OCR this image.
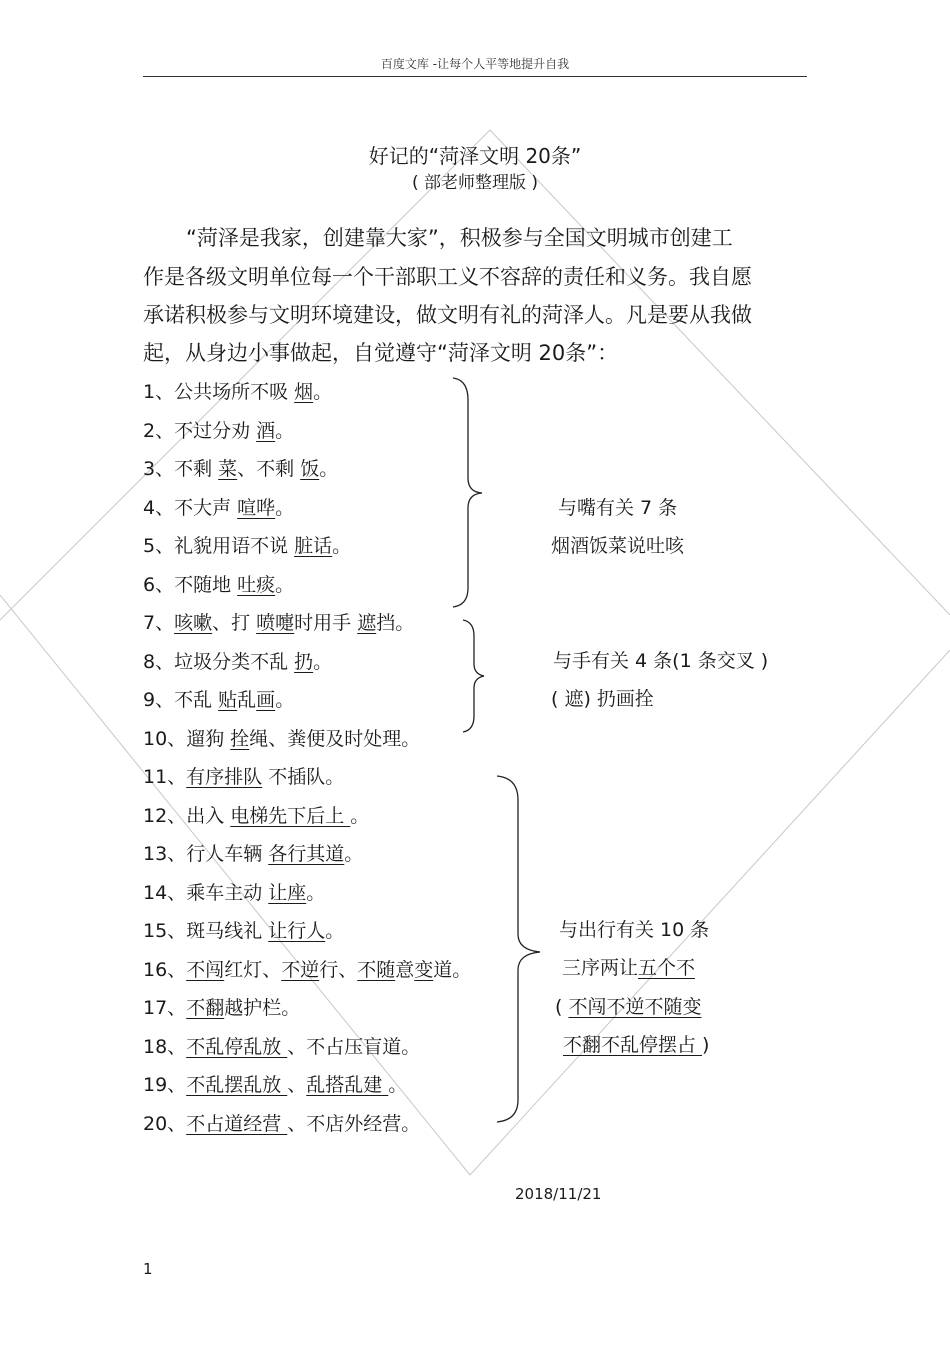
百度文库 -让每个人平等地提升自我
好记的“菏泽文明 20条”
( 部老师整理版 )
“菏泽是我家，创建靠大家”，积极参与全国文明城市创建工
作是各级文明单位每一个干部职工义不容辞的责任和义务。我自愿
承诺积极参与文明环境建设，做文明有礼的菏泽人。凡是要从我做
起，从身边小事做起，自觉遵守“菏泽文明 20条”：
1、公共场所不吸 烟。
2、不过分劝 酒。
3、不剩 菜、不剩 饭。
4、不大声 喧哗。
5、礼貌用语不说 脏话。
6、不随地 吐痰。
7、咳嗽、打 喷嚏时用手 遮挡。
8、垃圾分类不乱 扔。
9、不乱 贴乱画。
10、遛狗 拴绳、粪便及时处理。
11、有序排队 不插队。
12、出入 电梯先下后上 。
13、行人车辆 各行其道。
14、乘车主动 让座。
15、斑马线礼 让行人。
16、不闯红灯、不逆行、不随意变道。
17、不翻越护栏。
18、不乱停乱放 、不占压盲道。
19、不乱摆乱放 、乱搭乱建 。
20、不占道经营 、不店外经营。
与嘴有关 7 条
烟酒饭菜说吐咳
与手有关 4 条(1 条交叉 )
( 遮) 扔画拴
与出行有关 10 条
三序两让五个不
( 不闯不逆不随变
不翻不乱停摆占 )
2018/11/21
1
